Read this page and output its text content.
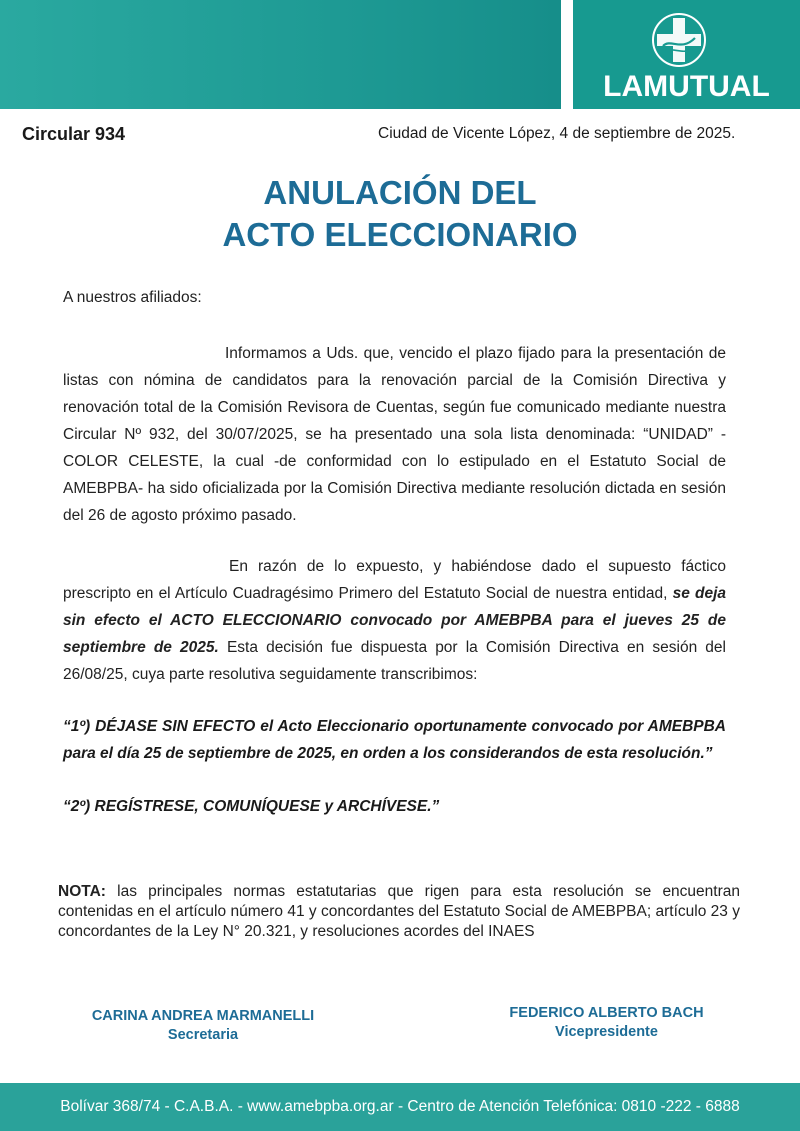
LAMUTUAL
Circular 934	Ciudad de Vicente López, 4 de septiembre de 2025.
ANULACIÓN DEL
ACTO ELECCIONARIO
A nuestros afiliados:
Informamos a Uds. que, vencido el plazo fijado para la presentación de listas con nómina de candidatos para la renovación parcial de la Comisión Directiva y renovación total de la Comisión Revisora de Cuentas, según fue comunicado mediante nuestra Circular Nº 932, del 30/07/2025, se ha presentado una sola lista denominada: “UNIDAD” - COLOR CELESTE, la cual -de conformidad con lo estipulado en el Estatuto Social de AMEBPBA- ha sido oficializada por la Comisión Directiva mediante resolución dictada en sesión del 26 de agosto próximo pasado.
En razón de lo expuesto, y habiéndose dado el supuesto fáctico prescripto en el Artículo Cuadragésimo Primero del Estatuto Social de nuestra entidad, se deja sin efecto el ACTO ELECCIONARIO convocado por AMEBPBA para el jueves 25 de septiembre de 2025. Esta decisión fue dispuesta por la Comisión Directiva en sesión del 26/08/25, cuya parte resolutiva seguidamente transcribimos:
“1º) DÉJASE SIN EFECTO el Acto Eleccionario oportunamente convocado por AMEBPBA para el día 25 de septiembre de 2025, en orden a los considerandos de esta resolución.”
“2º) REGÍSTRESE, COMUNÍQUESE y ARCHÍVESE.”
NOTA: las principales normas estatutarias que rigen para esta resolución se encuentran contenidas en el artículo número 41 y concordantes del Estatuto Social de AMEBPBA; artículo 23 y concordantes de la Ley N° 20.321, y resoluciones acordes del INAES
CARINA ANDREA MARMANELLI
Secretaria
FEDERICO ALBERTO BACH
Vicepresidente
Bolívar 368/74 - C.A.B.A. - www.amebpba.org.ar - Centro de Atención Telefónica: 0810 -222 - 6888
